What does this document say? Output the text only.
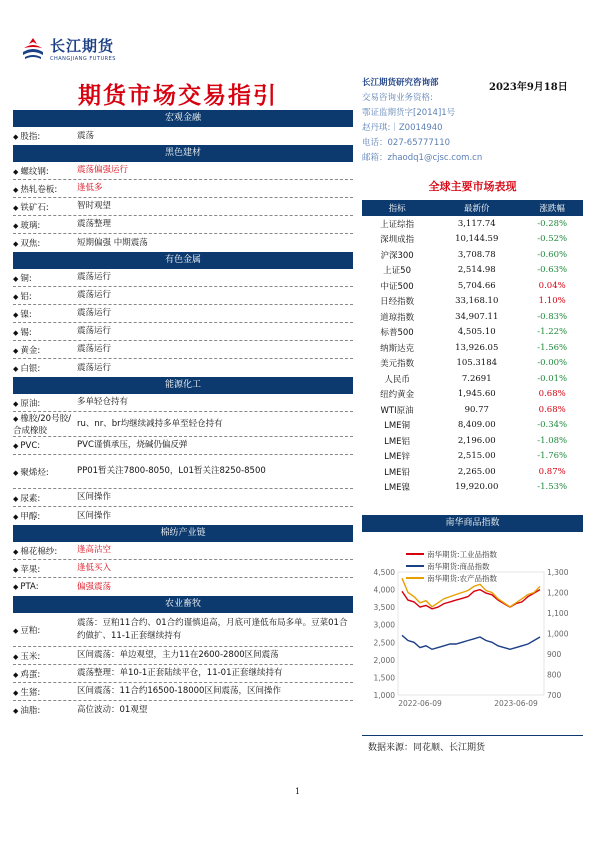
长江期货
CHANGJIANG FUTURES
期货市场交易指引	长江期货研究咨询部
交易咨询业务资格:
鄂证监期货字[2014]1号
赵丹琪:｜Z0014940
电话：027-65777110
邮箱：zhaodq1@cjsc.com.cn
2023年9月18日
宏观金融
◆ 股指:	震荡
黑色建材
◆ 螺纹钢:	震荡偏强运行
◆ 热轧卷板:	逢低多
◆ 铁矿石:	智时观望
◆ 玻璃:	震荡整理
◆ 双焦:	短期偏强 中期震荡
有色金属
◆ 铜:	震荡运行
◆ 铝:	震荡运行
◆ 镍:	震荡运行
◆ 锡:	震荡运行
◆ 黄金:	震荡运行
◆ 白银:	震荡运行
能源化工
◆ 原油:	多单轻仓持有
◆ 橡胶/20号胶/合成橡胶
ru、nr、br均继续减持多单至轻仓持有
◆ PVC:	PVC谨慎承压，烧碱仍偏反弹
◆ 聚烯烃:	PP01暂关注7800-8050，L01暂关注8250-8500
◆ 尿素:	区间操作
◆ 甲醇:	区间操作
棉纺产业链
◆ 棉花棉纱:	逢高沽空
◆ 苹果:	逢低买入
◆ PTA:	偏强震荡
农业畜牧
◆ 豆粕:
震荡：豆粕11合约、01合约谨慎追高，月底可逢低布局多单。豆菜01合约做扩、11-1正套继续持有
◆ 玉米:	区间震荡：单边观望，主力11在2600-2800区间震荡
◆ 鸡蛋:	震荡整理：单10-1正套陆续平仓，11-01正套继续持有
◆ 生猪:	区间震荡：11合约16500-18000区间震荡，区间操作
◆ 油脂:	高位波动：01观望
全球主要市场表现
指标	最新价	涨跌幅
上证综指	3,117.74	-0.28%
深圳成指	10,144.59	-0.52%
沪深300	3,708.78	-0.60%
上证50	2,514.98	-0.63%
中证500	5,704.66	0.04%
日经指数	33,168.10	1.10%
道琼指数	34,907.11	-0.83%
标普500	4,505.10	-1.22%
纳斯达克	13,926.05	-1.56%
美元指数	105.3184	-0.00%
人民币	7.2691	-0.01%
纽约黄金	1,945.60	0.68%
WTI原油	90.77	0.68%
LME铜	8,409.00	-0.34%
LME铝	2,196.00	-1.08%
LME锌	2,515.00	-1.76%
LME铅	2,265.00	0.87%
LME镍	19,920.00	-1.53%
南华商品指数
1,000
1,500
2,000
2,500
3,000
3,500
4,000
4,500
700
800
900
1,000
1,100
1,200
1,300
2022-06-09	2023-06-09
南华期货:工业品指数
南华期货:商品指数
南华期货:农产品指数
数据来源：同花顺、长江期货
1
